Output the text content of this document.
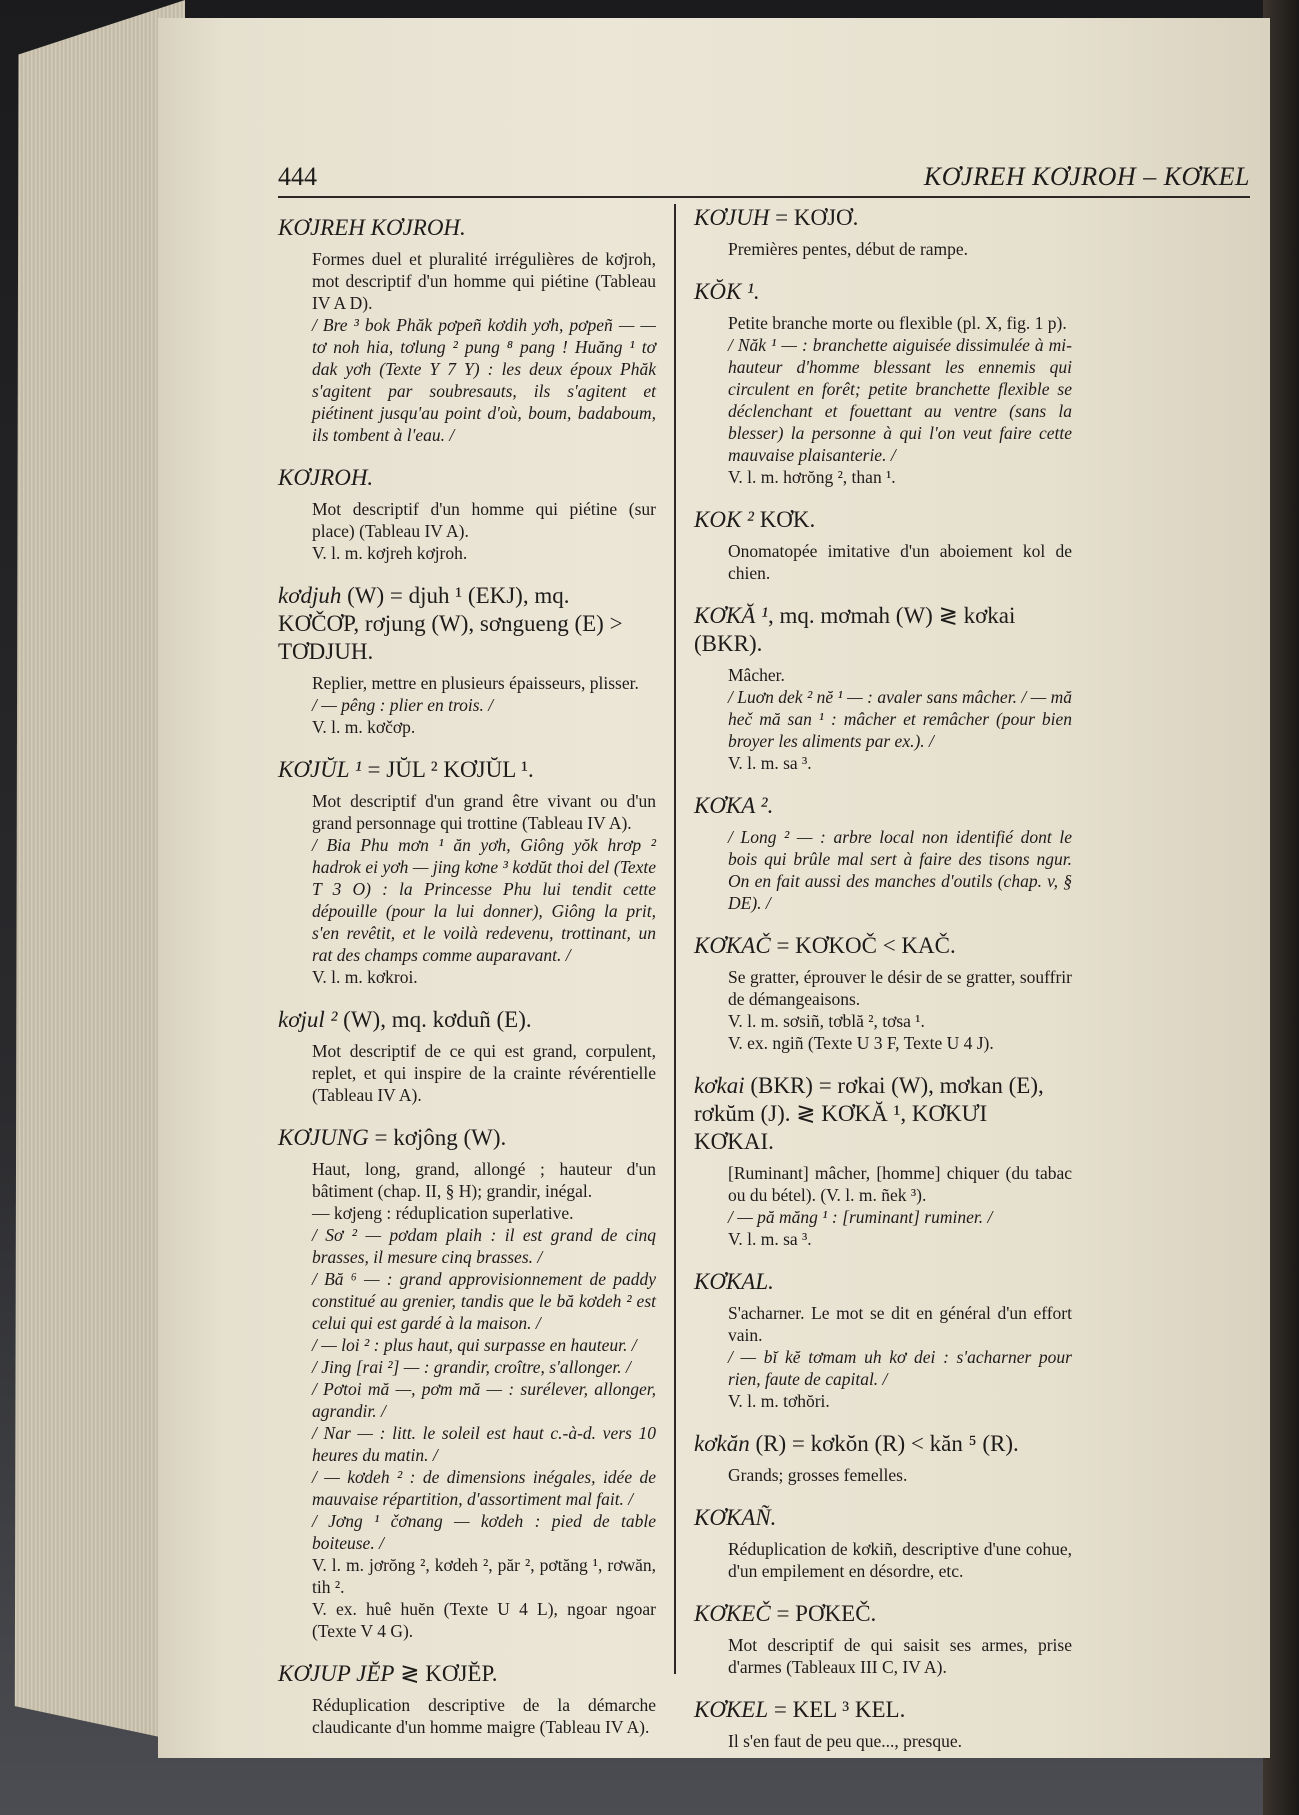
444	KƠJREH KƠJROH – KƠKEL
KƠJREH KƠJROH.

Formes duel et pluralité irrégulières de kơjroh, mot descriptif d'un homme qui piétine (Tableau IV A D).

/ Bre ³ bok Phăk pơpeñ kơdih yơh, pơpeñ — — tơ noh hia, tơlung ² pung ⁸ pang ! Huăng ¹ tơ dak yơh (Texte Y 7 Y) : les deux époux Phăk s'agitent par soubresauts, ils s'agitent et piétinent jusqu'au point d'où, boum, badaboum, ils tombent à l'eau. /

KƠJROH.

Mot descriptif d'un homme qui piétine (sur place) (Tableau IV A).

V. l. m. kơjreh kơjroh.

kơdjuh (W) = djuh ¹ (EKJ), mq. KƠČƠP, rơjung (W), sơngueng (E) > TƠDJUH.

Replier, mettre en plusieurs épaisseurs, plisser.

/ — pêng : plier en trois. /

V. l. m. kơčơp.

KƠJŬL ¹ = JŬL ² KƠJŬL ¹.

Mot descriptif d'un grand être vivant ou d'un grand personnage qui trottine (Tableau IV A).

/ Bia Phu mơn ¹ ăn yơh, Giông yŏk hrơp ² hadrok ei yơh — jing kơne ³ kơdŭt thoi del (Texte T 3 O) : la Princesse Phu lui tendit cette dépouille (pour la lui donner), Giông la prit, s'en revêtit, et le voilà redevenu, trottinant, un rat des champs comme auparavant. /

V. l. m. kơkroi.

kơjul ² (W), mq. kơduñ (E).

Mot descriptif de ce qui est grand, corpulent, replet, et qui inspire de la crainte révérentielle (Tableau IV A).

KƠJUNG = kơjông (W).

Haut, long, grand, allongé ; hauteur d'un bâtiment (chap. II, § H); grandir, inégal.

— kơjeng : réduplication superlative.

/ Sơ ² — pơdam plaih : il est grand de cinq brasses, il mesure cinq brasses. /

/ Bă ⁶ — : grand approvisionnement de paddy constitué au grenier, tandis que le bă kơdeh ² est celui qui est gardé à la maison. /

/ — loi ² : plus haut, qui surpasse en hauteur. /

/ Jing [rai ²] — : grandir, croître, s'allonger. /

/ Pơtoi mă —, pơm mă — : surélever, allonger, agrandir. /

/ Nar — : litt. le soleil est haut c.-à-d. vers 10 heures du matin. /

/ — kơdeh ² : de dimensions inégales, idée de mauvaise répartition, d'assortiment mal fait. /

/ Jơng ¹ čơnang — kơdeh : pied de table boiteuse. /

V. l. m. jơrŏng ², kơdeh ², păr ², pơtăng ¹, rơwăn, tih ².

V. ex. huê huĕn (Texte U 4 L), ngoar ngoar (Texte V 4 G).

KƠJUP JĔP ≷ KƠJĔP.

Réduplication descriptive de la démarche claudicante d'un homme maigre (Tableau IV A).

KƠJUH = KƠJƠ.

Premières pentes, début de rampe.

KŎK ¹.

Petite branche morte ou flexible (pl. X, fig. 1 p).

/ Năk ¹ — : branchette aiguisée dissimulée à mi-hauteur d'homme blessant les ennemis qui circulent en forêt; petite branchette flexible se déclenchant et fouettant au ventre (sans la blesser) la personne à qui l'on veut faire cette mauvaise plaisanterie. /

V. l. m. hơrŏng ², than ¹.

KOK ² KƠK.

Onomatopée imitative d'un aboiement kol de chien.

KƠKĂ ¹, mq. mơmah (W) ≷ kơkai (BKR).

Mâcher.

/ Luơn dek ² nĕ ¹ — : avaler sans mâcher. / — mă heč mă san ¹ : mâcher et remâcher (pour bien broyer les aliments par ex.). /

V. l. m. sa ³.

KƠKA ².

/ Long ² — : arbre local non identifié dont le bois qui brûle mal sert à faire des tisons ngur. On en fait aussi des manches d'outils (chap. v, § DE). /

KƠKAČ = KƠKOČ < KAČ.

Se gratter, éprouver le désir de se gratter, souffrir de démangeaisons.

V. l. m. sơsiñ, tơblă ², tơsa ¹.

V. ex. ngiñ (Texte U 3 F, Texte U 4 J).

kơkai (BKR) = rơkai (W), mơkan (E), rơkŭm (J). ≷ KƠKĂ ¹, KƠKƯI KƠKAI.

[Ruminant] mâcher, [homme] chiquer (du tabac ou du bétel). (V. l. m. ñek ³).

/ — pă măng ¹ : [ruminant] ruminer. /

V. l. m. sa ³.

KƠKAL.

S'acharner. Le mot se dit en général d'un effort vain.

/ — bĭ kĕ tơmam uh kơ dei : s'acharner pour rien, faute de capital. /

V. l. m. tơhŏri.

kơkăn (R) = kơkŏn (R) < kăn ⁵ (R).

Grands; grosses femelles.

KƠKAÑ.

Réduplication de kơkiñ, descriptive d'une cohue, d'un empilement en désordre, etc.

KƠKEČ = PƠKEČ.

Mot descriptif de qui saisit ses armes, prise d'armes (Tableaux III C, IV A).

KƠKEL = KEL ³ KEL.

Il s'en faut de peu que..., presque.
